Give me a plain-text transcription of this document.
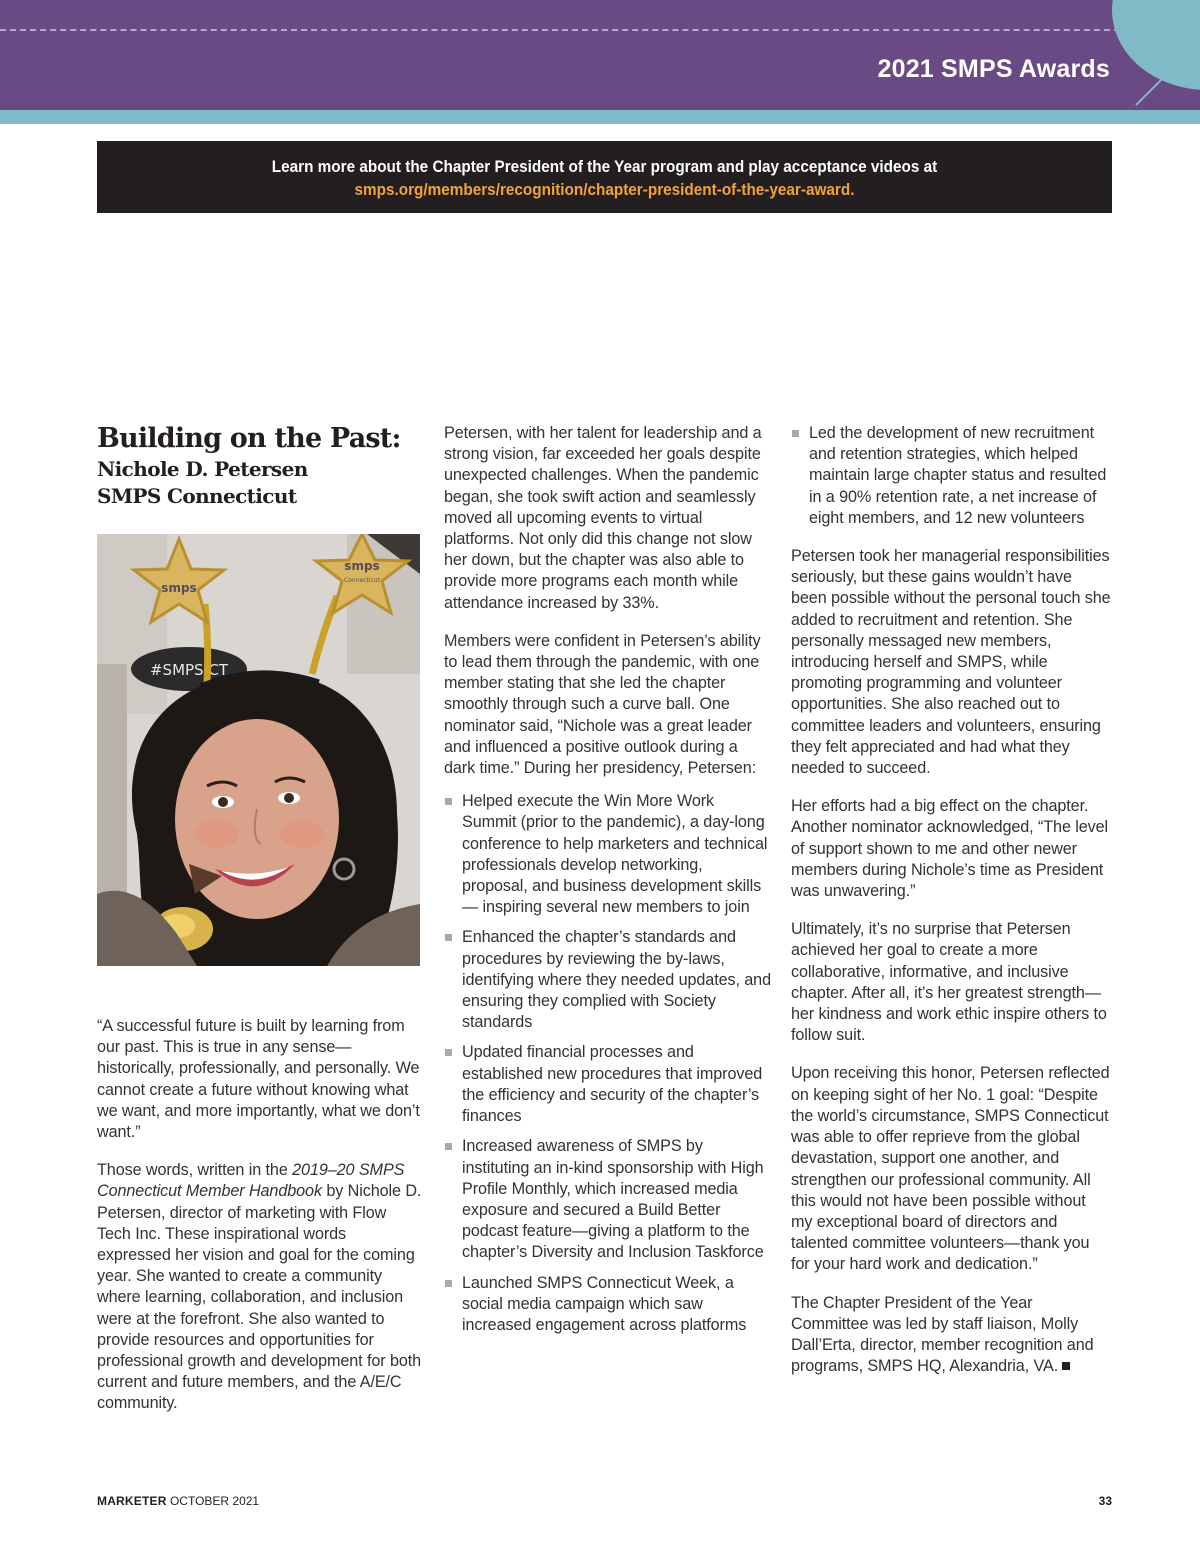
2021 SMPS Awards
Learn more about the Chapter President of the Year program and play acceptance videos at
smps.org/members/recognition/chapter-president-of-the-year-award.
Building on the Past:
Nichole D. Petersen
SMPS Connecticut
#SMPS CT
smps
smps
Connecticut

“A successful future is built by learning from our past. This is true in any sense—historically, professionally, and personally. We cannot create a future without knowing what we want, and more importantly, what we don’t want.”

Those words, written in the 2019–20 SMPS Connecticut Member Handbook by Nichole D. Petersen, director of marketing with Flow Tech Inc. These inspirational words expressed her vision and goal for the coming year. She wanted to create a community where learning, collaboration, and inclusion were at the forefront. She also wanted to provide resources and opportunities for professional growth and development for both current and future members, and the A/E/C community.

Petersen, with her talent for leadership and a strong vision, far exceeded her goals despite unexpected challenges. When the pandemic began, she took swift action and seamlessly moved all upcoming events to virtual platforms. Not only did this change not slow her down, but the chapter was also able to provide more programs each month while attendance increased by 33%.

Members were confident in Petersen’s ability to lead them through the pandemic, with one member stating that she led the chapter smoothly through such a curve ball. One nominator said, “Nichole was a great leader and influenced a positive outlook during a dark time.” During her presidency, Petersen:

Helped execute the Win More Work Summit (prior to the pandemic), a day-long conference to help marketers and technical professionals develop networking, proposal, and business development skills— inspiring several new members to join
Enhanced the chapter’s standards and procedures by reviewing the by-laws, identifying where they needed updates, and ensuring they complied with Society standards
Updated financial processes and established new procedures that improved the efficiency and security of the chapter’s finances
Increased awareness of SMPS by instituting an in-kind sponsorship with High Profile Monthly, which increased media exposure and secured a Build Better podcast feature—giving a platform to the chapter’s Diversity and Inclusion Taskforce
Launched SMPS Connecticut Week, a social media campaign which saw increased engagement across platforms
Led the development of new recruitment and retention strategies, which helped maintain large chapter status and resulted in a 90% retention rate, a net increase of eight members, and 12 new volunteers

Petersen took her managerial responsibilities seriously, but these gains wouldn’t have been possible without the personal touch she added to recruitment and retention. She personally messaged new members, introducing herself and SMPS, while promoting programming and volunteer opportunities. She also reached out to committee leaders and volunteers, ensuring they felt appreciated and had what they needed to succeed.

Her efforts had a big effect on the chapter. Another nominator acknowledged, “The level of support shown to me and other newer members during Nichole’s time as President was unwavering.”

Ultimately, it’s no surprise that Petersen achieved her goal to create a more collaborative, informative, and inclusive chapter. After all, it’s her greatest strength—her kindness and work ethic inspire others to follow suit.

Upon receiving this honor, Petersen reflected on keeping sight of her No. 1 goal: “Despite the world’s circumstance, SMPS Connecticut was able to offer reprieve from the global devastation, support one another, and strengthen our professional community. All this would not have been possible without my exceptional board of directors and talented committee volunteers—thank you for your hard work and dedication.”

The Chapter President of the Year Committee was led by staff liaison, Molly Dall’Erta, director, member recognition and programs, SMPS HQ, Alexandria, VA.

MARKETER OCTOBER 2021	33
